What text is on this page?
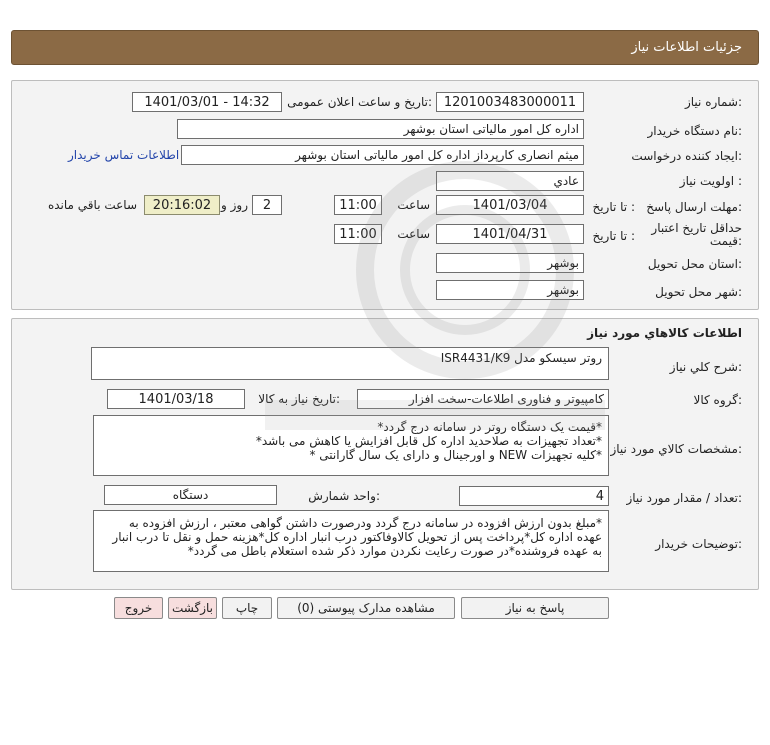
جزئیات اطلاعات نیاز
شماره نیاز:
1201003483000011
تاریخ و ساعت اعلان عمومی:
1401/03/01 - 14:32
نام دستگاه خریدار:
اداره کل امور مالیاتی استان بوشهر
ایجاد کننده درخواست:
میثم انصاری کارپرداز اداره کل امور مالیاتی استان بوشهر
اطلاعات تماس خریدار
اولویت نیاز :
عادي
مهلت ارسال پاسخ:
تا تاریخ :
1401/03/04
ساعت
11:00
2
روز و
20:16:02
ساعت باقي مانده
حداقل تاریخ اعتبار قیمت:
تا تاریخ :
1401/04/31
ساعت
11:00
استان محل تحویل:
بوشهر
شهر محل تحویل:
بوشهر
اطلاعات کالاهاي مورد نیاز
شرح کلي نیاز:
روتر سیسکو مدل ISR4431/K9
گروه کالا:
کامپیوتر و فناوری اطلاعات-سخت افزار
تاریخ نیاز به کالا:
1401/03/18
مشخصات کالاي مورد نیاز:
*قیمت یک دستگاه روتر در سامانه درج گردد*
*تعداد تجهیزات به صلاحدید اداره کل قابل افزایش یا کاهش می باشد*
*کلیه تجهیزات NEW و اورجینال و دارای یک سال گارانتی *
تعداد / مقدار مورد نیاز:
4
واحد شمارش:
دستگاه
توضیحات خریدار:
*مبلغ بدون ارزش افزوده در سامانه درج گردد ودرصورت داشتن گواهی معتبر ، ارزش افزوده به عهده اداره کل*پرداخت پس از تحویل کالاوفاکتور درب انبار اداره کل*هزینه حمل و نقل تا درب انبار به عهده فروشنده*در صورت رعایت نکردن موارد ذکر شده استعلام باطل می گردد*
پاسخ به نیاز
مشاهده مدارک پیوستی (0)
چاپ
بازگشت
خروج
